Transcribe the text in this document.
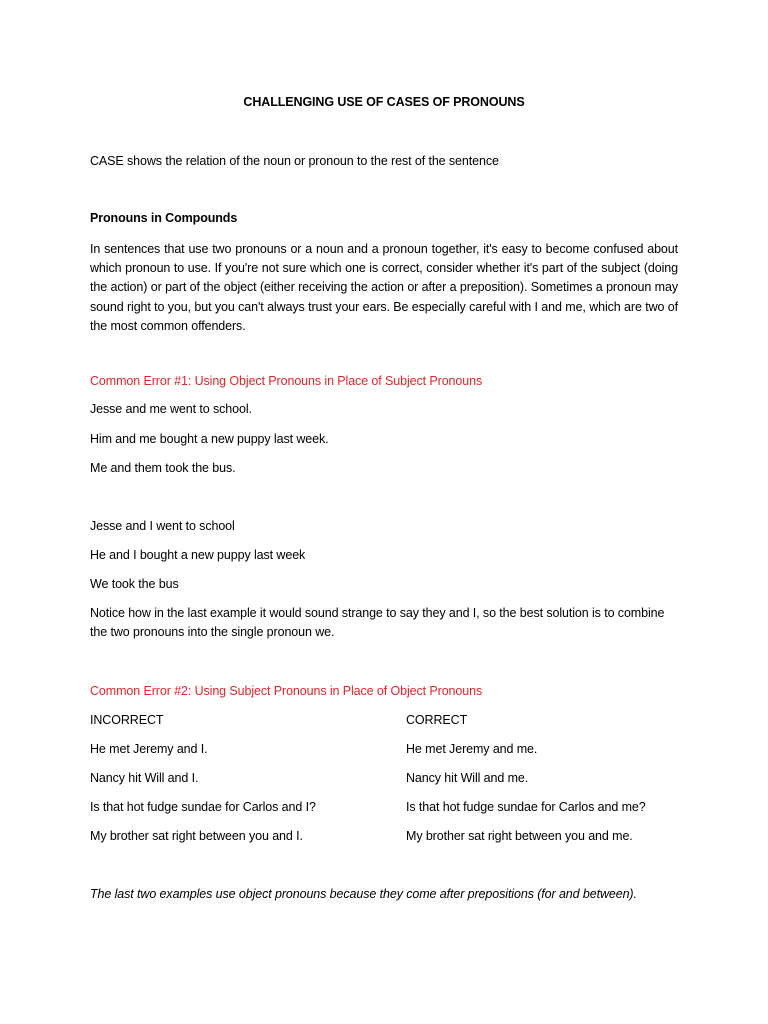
CHALLENGING USE OF CASES OF PRONOUNS
CASE shows the relation of the noun or pronoun to the rest of the sentence
Pronouns in Compounds
In sentences that use two pronouns or a noun and a pronoun together, it's easy to become confused about which pronoun to use. If you're not sure which one is correct, consider whether it's part of the subject (doing the action) or part of the object (either receiving the action or after a preposition). Sometimes a pronoun may sound right to you, but you can't always trust your ears. Be especially careful with I and me, which are two of the most common offenders.
Common Error #1: Using Object Pronouns in Place of Subject Pronouns
Jesse and me went to school.
Him and me bought a new puppy last week.
Me and them took the bus.
Jesse and I went to school
He and I bought a new puppy last week
We took the bus
Notice how in the last example it would sound strange to say they and I, so the best solution is to combine the two pronouns into the single pronoun we.
Common Error #2: Using Subject Pronouns in Place of Object Pronouns
INCORRECT	CORRECT
He met Jeremy and I.	He met Jeremy and me.
Nancy hit Will and I.	Nancy hit Will and me.
Is that hot fudge sundae for Carlos and I?	Is that hot fudge sundae for Carlos and me?
My brother sat right between you and I.	My brother sat right between you and me.
The last two examples use object pronouns because they come after prepositions (for and between).
